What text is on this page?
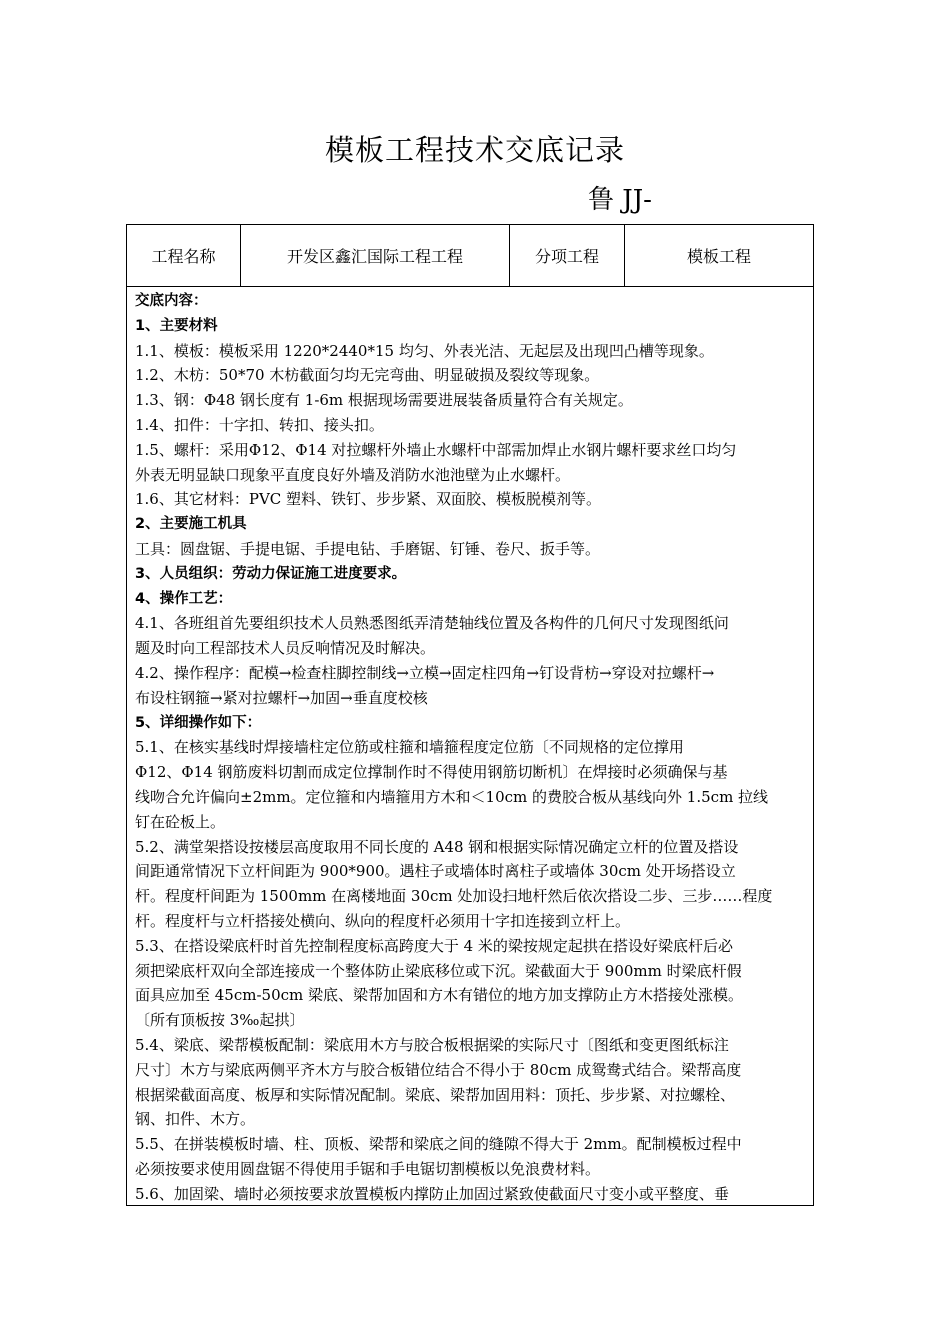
模板工程技术交底记录
鲁 JJ-
工程名称	开发区鑫汇国际工程工程	分项工程	模板工程
交底内容：
1、主要材料
1.1、模板：模板采用 1220*2440*15 均匀、外表光洁、无起层及出现凹凸槽等现象。
1.2、木枋：50*70 木枋截面匀均无完弯曲、明显破损及裂纹等现象。
1.3、钢：Φ48 钢长度有 1-6m 根据现场需要进展装备质量符合有关规定。
1.4、扣件：十字扣、转扣、接头扣。
1.5、螺杆：采用Φ12、Φ14 对拉螺杆外墙止水螺杆中部需加焊止水钢片螺杆要求丝口均匀
外表无明显缺口现象平直度良好外墙及消防水池池壁为止水螺杆。
1.6、其它材料：PVC 塑料、铁钉、步步紧、双面胶、模板脱模剂等。
2、主要施工机具
工具：圆盘锯、手提电锯、手提电钻、手磨锯、钉锤、卷尺、扳手等。
3、人员组织：劳动力保证施工进度要求。
4、操作工艺：
4.1、各班组首先要组织技术人员熟悉图纸弄清楚轴线位置及各构件的几何尺寸发现图纸问
题及时向工程部技术人员反响情况及时解决。
4.2、操作程序：配模→检查柱脚控制线→立模→固定柱四角→钉设背枋→穿设对拉螺杆→
布设柱钢箍→紧对拉螺杆→加固→垂直度校核
5、详细操作如下：
5.1、在核实基线时焊接墙柱定位筋或柱箍和墙箍程度定位筋〔不同规格的定位撑用
Φ12、Φ14 钢筋废料切割而成定位撑制作时不得使用钢筋切断机〕在焊接时必须确保与基
线吻合允许偏向±2mm。定位箍和内墙箍用方木和＜10cm 的费胶合板从基线向外 1.5cm 拉线
钉在砼板上。
5.2、满堂架搭设按楼层高度取用不同长度的 A48 钢和根据实际情况确定立杆的位置及搭设
间距通常情况下立杆间距为 900*900。遇柱子或墙体时离柱子或墙体 30cm 处开场搭设立
杆。程度杆间距为 1500mm 在离楼地面 30cm 处加设扫地杆然后依次搭设二步、三步……程度
杆。程度杆与立杆搭接处横向、纵向的程度杆必须用十字扣连接到立杆上。
5.3、在搭设梁底杆时首先控制程度标高跨度大于 4 米的梁按规定起拱在搭设好梁底杆后必
须把梁底杆双向全部连接成一个整体防止梁底移位或下沉。梁截面大于 900mm 时梁底杆假
面具应加至 45cm-50cm 梁底、梁帮加固和方木有错位的地方加支撑防止方木搭接处涨模。
〔所有顶板按 3‰起拱〕
5.4、梁底、梁帮模板配制：梁底用木方与胶合板根据梁的实际尺寸〔图纸和变更图纸标注
尺寸〕木方与梁底两侧平齐木方与胶合板错位结合不得小于 80cm 成鸳鸯式结合。梁帮高度
根据梁截面高度、板厚和实际情况配制。梁底、梁帮加固用料：顶托、步步紧、对拉螺栓、
钢、扣件、木方。
5.5、在拼装模板时墙、柱、顶板、梁帮和梁底之间的缝隙不得大于 2mm。配制模板过程中
必须按要求使用圆盘锯不得使用手锯和手电锯切割模板以免浪费材料。
5.6、加固梁、墙时必须按要求放置模板内撑防止加固过紧致使截面尺寸变小或平整度、垂
